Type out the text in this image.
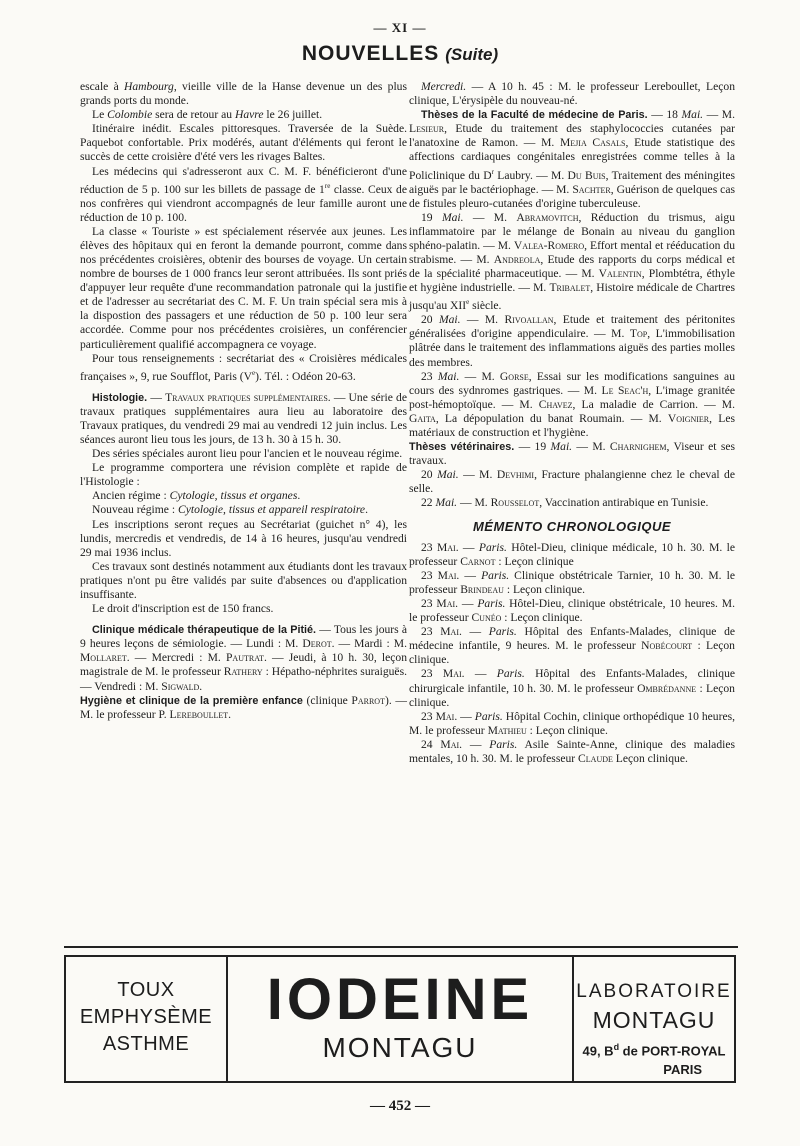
— XI —
NOUVELLES (Suite)

escale à Hambourg, vieille ville de la Hanse devenue un des plus grands ports du monde.

Le Colombie sera de retour au Havre le 26 juillet.

Itinéraire inédit. Escales pittoresques. Traversée de la Suède. Paquebot confortable. Prix modérés, autant d'éléments qui feront le succès de cette croisière d'été vers les rivages Baltes.

Les médecins qui s'adresseront aux C. M. F. bénéficieront d'une réduction de 5 p. 100 sur les billets de passage de 1re classe. Ceux de nos confrères qui viendront accompagnés de leur famille auront une réduction de 10 p. 100.

La classe « Touriste » est spécialement réservée aux jeunes. Les élèves des hôpitaux qui en feront la demande pourront, comme dans nos précédentes croisières, obtenir des bourses de voyage. Un certain nombre de bourses de 1 000 francs leur seront attribuées. Ils sont priés d'appuyer leur requête d'une recommandation patronale qui la justifie et de l'adresser au secrétariat des C. M. F. Un train spécial sera mis à la dispostion des passagers et une réduction de 50 p. 100 leur sera accordée. Comme pour nos précédentes croisières, un conférencier particulièrement qualifié accompagnera ce voyage.

Pour tous renseignements : secrétariat des « Croisières médicales françaises », 9, rue Soufflot, Paris (Ve). Tél. : Odéon 20-63.

Histologie. — Travaux pratiques supplémentaires. — Une série de travaux pratiques supplémentaires aura lieu au laboratoire des Travaux pratiques, du vendredi 29 mai au vendredi 12 juin inclus. Les séances auront lieu tous les jours, de 13 h. 30 à 15 h. 30.

Des séries spéciales auront lieu pour l'ancien et le nouveau régime.

Le programme comportera une révision complète et rapide de l'Histologie :

Ancien régime : Cytologie, tissus et organes.

Nouveau régime : Cytologie, tissus et appareil respiratoire.

Les inscriptions seront reçues au Secrétariat (guichet n° 4), les lundis, mercredis et vendredis, de 14 à 16 heures, jusqu'au vendredi 29 mai 1936 inclus.

Ces travaux sont destinés notamment aux étudiants dont les travaux pratiques n'ont pu être validés par suite d'absences ou d'application insuffisante.

Le droit d'inscription est de 150 francs.

Clinique médicale thérapeutique de la Pitié. — Tous les jours à 9 heures leçons de sémiologie. — Lundi : M. Derot. — Mardi : M. Mollaret. — Mercredi : M. Pautrat. — Jeudi, à 10 h. 30, leçon magistrale de M. le professeur Rathery : Hépatho-néphrites suraiguës. — Vendredi : M. Sigwald.

Hygiène et clinique de la première enfance (clinique Parrot). — M. le professeur P. Lereboullet.

Mercredi. — A 10 h. 45 : M. le professeur Lereboullet, Leçon clinique, L'érysipèle du nouveau-né.

Thèses de la Faculté de médecine de Paris. — 18 Mai. — M. Lesieur, Etude du traitement des staphylococcies cutanées par l'anatoxine de Ramon. — M. Mejia Casals, Etude statistique des affections cardiaques congénitales enregistrées comme telles à la Policlinique du $D^r$ Laubry. — M. Du Buis, Traitement des méningites aiguës par le bactériophage. — M. Sachter, Guérison de quelques cas de fistules pleuro-cutanées d'origine tuberculeuse.

19 Mai. — M. Abramovitch, Réduction du trismus, aigu inflammatoire par le mélange de Bonain au niveau du ganglion sphéno-palatin. — M. Valea-Romero, Effort mental et rééducation du strabisme. — M. Andreola, Etude des rapports du corps médical et de la spécialité pharmaceutique. — M. Valentin, Plombtétra, éthyle et hygiène industrielle. — M. Tribalet, Histoire médicale de Chartres jusqu'au XIIe siècle.

20 Mai. — M. Rivoallan, Etude et traitement des péritonites généralisées d'origine appendiculaire. — M. Top, L'immobilisation plâtrée dans le traitement des inflammations aiguës des parties molles des membres.

23 Mai. — M. Gorse, Essai sur les modifications sanguines au cours des sydnromes gastriques. — M. Le Seac'h, L'image granitée post-hémoptoïque. — M. Chavez, La maladie de Carrion. — M. Gaita, La dépopulation du banat Roumain. — M. Voignier, Les matériaux de construction et l'hygiène.

Thèses vétérinaires. — 19 Mai. — M. Charnighem, Viseur et ses travaux.

20 Mai. — M. Devhimi, Fracture phalangienne chez le cheval de selle.

22 Mai. — M. Rousselot, Vaccination antirabique en Tunisie.

MÉMENTO CHRONOLOGIQUE

23 Mai. — Paris. Hôtel-Dieu, clinique médicale, 10 h. 30. M. le professeur Carnot : Leçon clinique

23 Mai. — Paris. Clinique obstétricale Tarnier, 10 h. 30. M. le professeur Brindeau : Leçon clinique.

23 Mai. — Paris. Hôtel-Dieu, clinique obstétricale, 10 heures. M. le professeur Cunéo : Leçon clinique.

23 Mai. — Paris. Hôpital des Enfants-Malades, clinique de médecine infantile, 9 heures. M. le professeur Nobécourt : Leçon clinique.

23 Mai. — Paris. Hôpital des Enfants-Malades, clinique chirurgicale infantile, 10 h. 30. M. le professeur Ombrédanne : Leçon clinique.

23 Mai. — Paris. Hôpital Cochin, clinique orthopédique 10 heures, M. le professeur Mathieu : Leçon clinique.

24 Mai. — Paris. Asile Sainte-Anne, clinique des maladies mentales, 10 h. 30. M. le professeur Claude Leçon clinique.

TOUX
EMPHYSÈME
ASTHME
IODEINE
MONTAGU
LABORATOIRE
MONTAGU
49, $B^d$ de PORT-ROYAL
PARIS
— 452 —
